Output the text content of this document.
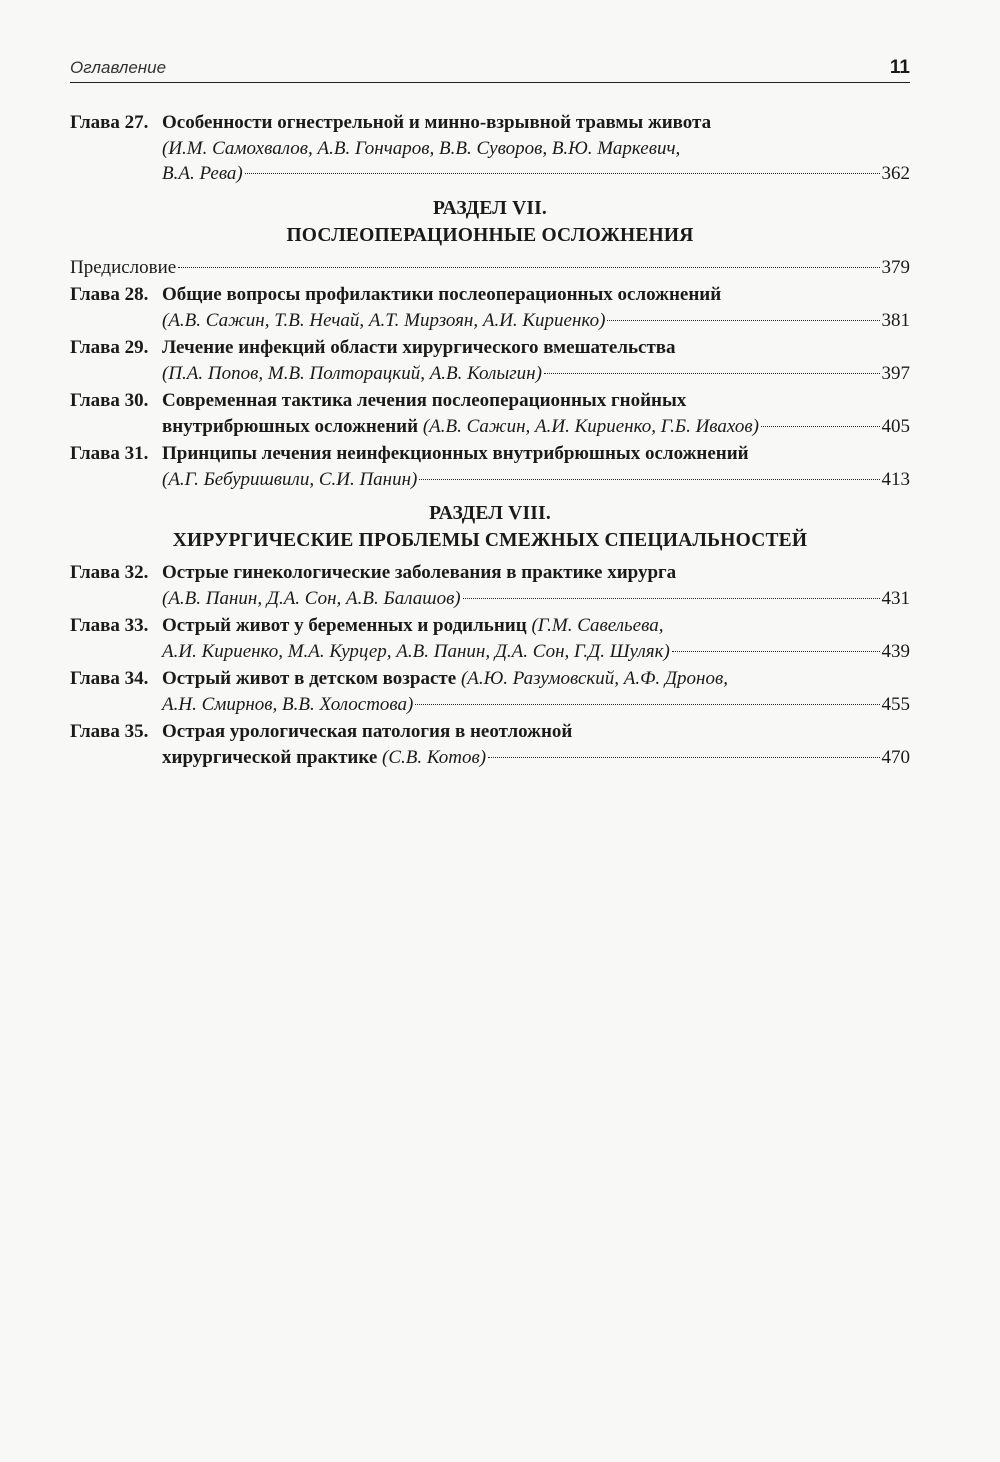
Оглавление	11
Глава 27. Особенности огнестрельной и минно-взрывной травмы живота
(И.М. Самохвалов, А.В. Гончаров, В.В. Суворов, В.Ю. Маркевич,
В.А. Рева)	362
РАЗДЕЛ VII.
ПОСЛЕОПЕРАЦИОННЫЕ ОСЛОЖНЕНИЯ
Предисловие	379
Глава 28. Общие вопросы профилактики послеоперационных осложнений
(А.В. Сажин, Т.В. Нечай, А.Т. Мирзоян, А.И. Кириенко)	381
Глава 29. Лечение инфекций области хирургического вмешательства
(П.А. Попов, М.В. Полторацкий, А.В. Колыгин)	397
Глава 30. Современная тактика лечения послеоперационных гнойных
внутрибрюшных осложнений (А.В. Сажин, А.И. Кириенко, Г.Б. Ивахов)	405
Глава 31. Принципы лечения неинфекционных внутрибрюшных осложнений
(А.Г. Бебуришвили, С.И. Панин)	413
РАЗДЕЛ VIII.
ХИРУРГИЧЕСКИЕ ПРОБЛЕМЫ СМЕЖНЫХ СПЕЦИАЛЬНОСТЕЙ
Глава 32. Острые гинекологические заболевания в практике хирурга
(А.В. Панин, Д.А. Сон, А.В. Балашов)	431
Глава 33. Острый живот у беременных и родильниц (Г.М. Савельева,
А.И. Кириенко, М.А. Курцер, А.В. Панин, Д.А. Сон, Г.Д. Шуляк)	439
Глава 34. Острый живот в детском возрасте (А.Ю. Разумовский, А.Ф. Дронов,
А.Н. Смирнов, В.В. Холостова)	455
Глава 35. Острая урологическая патология в неотложной
хирургической практике (С.В. Котов)	470
